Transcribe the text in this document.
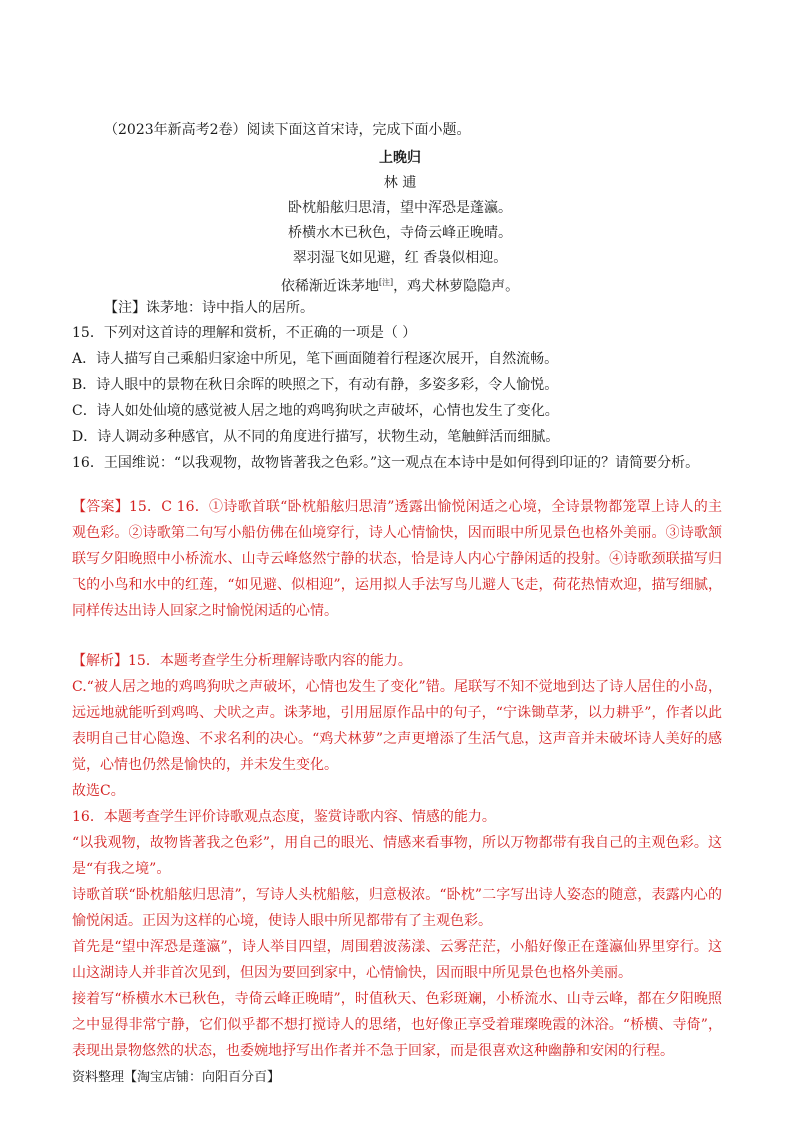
（2023年新高考2卷）阅读下面这首宋诗，完成下面小题。
上晚归
林 逋
卧枕船舷归思清，望中浑恐是蓬瀛。
桥横水木已秋色，寺倚云峰正晚晴。
翠羽湿飞如见避，红 香袅似相迎。
依稀渐近诛茅地[注]，鸡犬林萝隐隐声。
【注】诛茅地：诗中指人的居所。
15．下列对这首诗的理解和赏析，不正确的一项是（ ）
A．诗人描写自己乘船归家途中所见，笔下画面随着行程逐次展开，自然流畅。
B．诗人眼中的景物在秋日余晖的映照之下，有动有静，多姿多彩，令人愉悦。
C．诗人如处仙境的感觉被人居之地的鸡鸣狗吠之声破坏，心情也发生了变化。
D．诗人调动多种感官，从不同的角度进行描写，状物生动，笔触鲜活而细腻。
16．王国维说：“以我观物，故物皆著我之色彩。”这一观点在本诗中是如何得到印证的？请简要分析。
【答案】15．C 16．①诗歌首联“卧枕船舷归思清”透露出愉悦闲适之心境，全诗景物都笼罩上诗人的主观色彩。②诗歌第二句写小船仿佛在仙境穿行，诗人心情愉快，因而眼中所见景色也格外美丽。③诗歌颔联写夕阳晚照中小桥流水、山寺云峰悠然宁静的状态，恰是诗人内心宁静闲适的投射。④诗歌颈联描写归飞的小鸟和水中的红莲，“如见避、似相迎”，运用拟人手法写鸟儿避人飞走，荷花热情欢迎，描写细腻，同样传达出诗人回家之时愉悦闲适的心情。
【解析】15．本题考查学生分析理解诗歌内容的能力。
C.“被人居之地的鸡鸣狗吠之声破坏，心情也发生了变化”错。尾联写不知不觉地到达了诗人居住的小岛，远远地就能听到鸡鸣、犬吠之声。诛茅地，引用屈原作品中的句子，“宁诛锄草茅，以力耕乎”，作者以此表明自己甘心隐逸、不求名利的决心。“鸡犬林萝”之声更增添了生活气息，这声音并未破坏诗人美好的感觉，心情也仍然是愉快的，并未发生变化。
故选C。
16．本题考查学生评价诗歌观点态度，鉴赏诗歌内容、情感的能力。
“以我观物，故物皆著我之色彩”，用自己的眼光、情感来看事物，所以万物都带有我自己的主观色彩。这是“有我之境”。
诗歌首联“卧枕船舷归思清”，写诗人头枕船舷，归意极浓。“卧枕”二字写出诗人姿态的随意，表露内心的愉悦闲适。正因为这样的心境，使诗人眼中所见都带有了主观色彩。
首先是“望中浑恐是蓬瀛”，诗人举目四望，周围碧波荡漾、云雾茫茫，小船好像正在蓬瀛仙界里穿行。这山这湖诗人并非首次见到，但因为要回到家中，心情愉快，因而眼中所见景色也格外美丽。
接着写“桥横水木已秋色，寺倚云峰正晚晴”，时值秋天、色彩斑斓，小桥流水、山寺云峰，都在夕阳晚照之中显得非常宁静，它们似乎都不想打搅诗人的思绪，也好像正享受着璀璨晚霞的沐浴。“桥横、寺倚”，表现出景物悠然的状态，也委婉地抒写出作者并不急于回家，而是很喜欢这种幽静和安闲的行程。
资料整理【淘宝店铺：向阳百分百】
